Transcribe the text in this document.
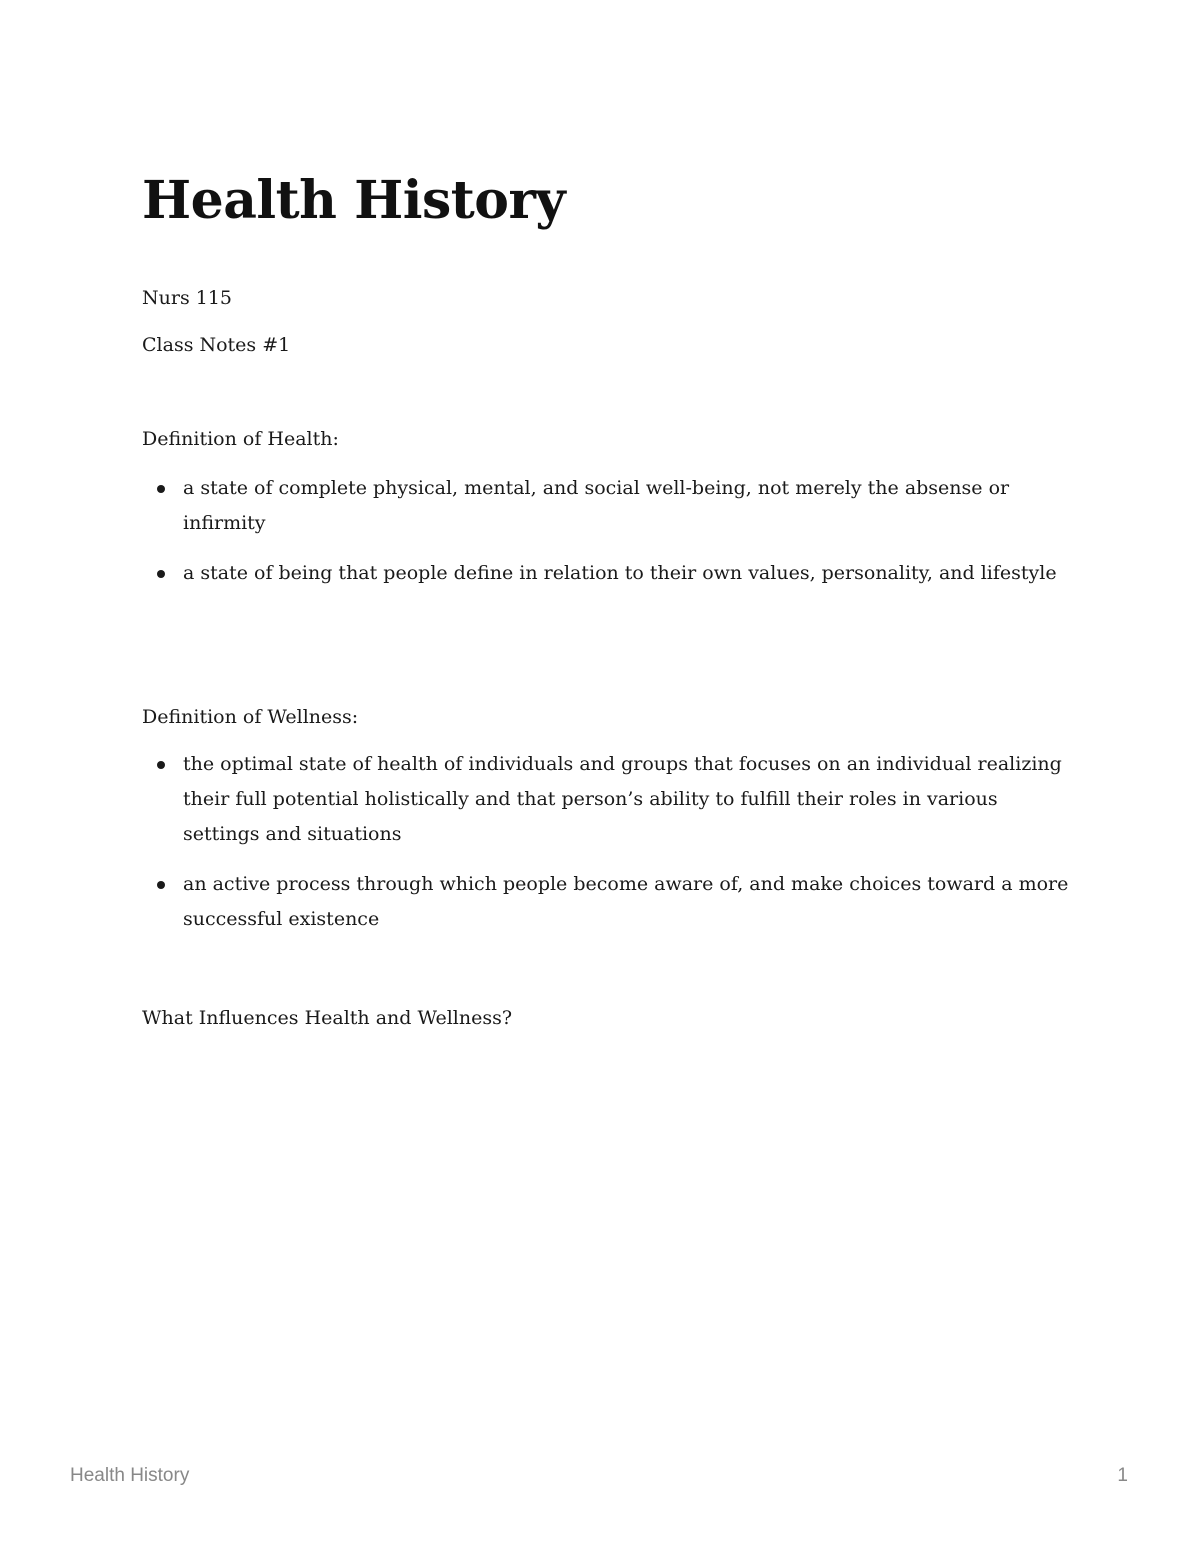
Health History

Nurs 115

Class Notes #1

Definition of Health:

a state of complete physical, mental, and social well-being, not merely the absense or infirmity
a state of being that people define in relation to their own values, personality, and lifestyle

Definition of Wellness:

the optimal state of health of individuals and groups that focuses on an individual realizing their full potential holistically and that person’s ability to fulfill their roles in various settings and situations
an active process through which people become aware of, and make choices toward a more successful existence

What Influences Health and Wellness?

Health History	1
